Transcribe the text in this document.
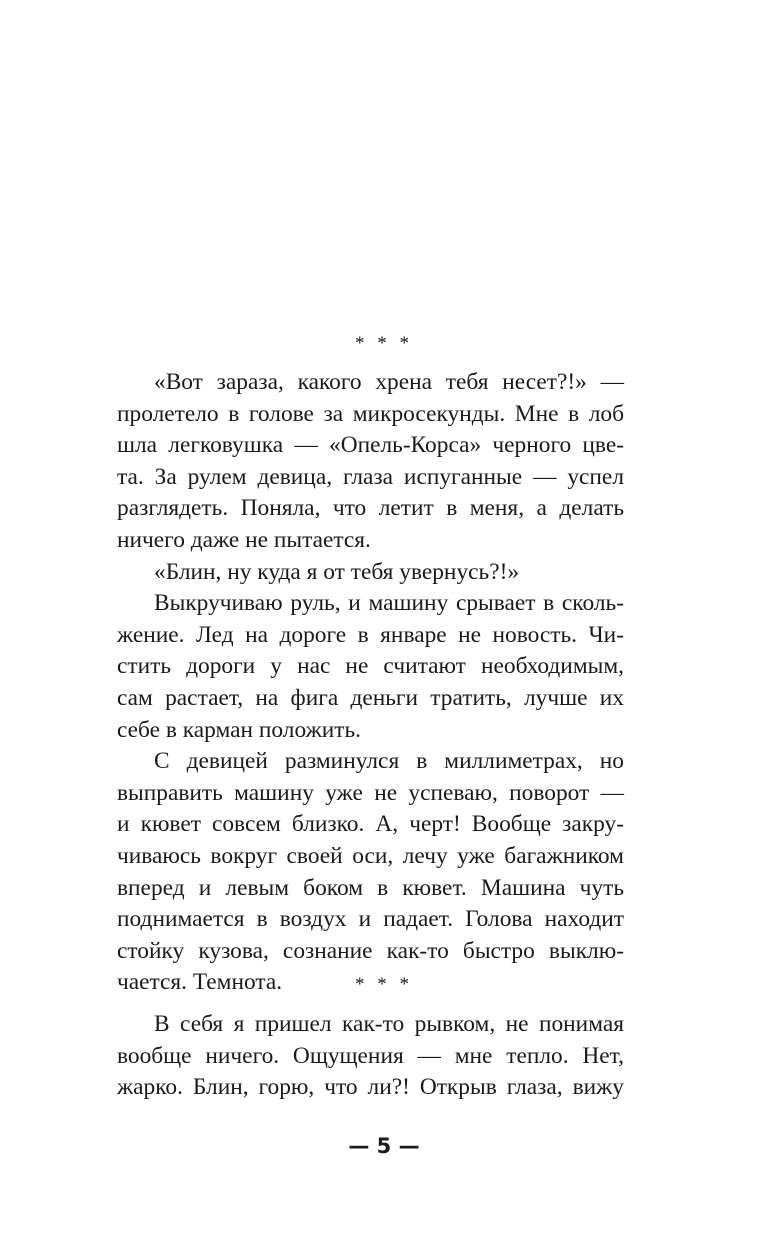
* * *
«Вот зараза, какого хрена тебя несет?!» —
пролетело в голове за микросекунды. Мне в лоб
шла легковушка — «Опель-Корса» черного цве-
та. За рулем девица, глаза испуганные — успел
разглядеть. Поняла, что летит в меня, а делать
ничего даже не пытается.
«Блин, ну куда я от тебя увернусь?!»
Выкручиваю руль, и машину срывает в сколь-
жение. Лед на дороге в январе не новость. Чи-
стить дороги у нас не считают необходимым,
сам растает, на фига деньги тратить, лучше их
себе в карман положить.
С девицей разминулся в миллиметрах, но
выправить машину уже не успеваю, поворот —
и кювет совсем близко. А, черт! Вообще закру-
чиваюсь вокруг своей оси, лечу уже багажником
вперед и левым боком в кювет. Машина чуть
поднимается в воздух и падает. Голова находит
стойку кузова, сознание как-то быстро выклю-
чается. Темнота.	* * *
В себя я пришел как-то рывком, не понимая
вообще ничего. Ощущения — мне тепло. Нет,
жарко. Блин, горю, что ли?! Открыв глаза, вижу
— 5 —
